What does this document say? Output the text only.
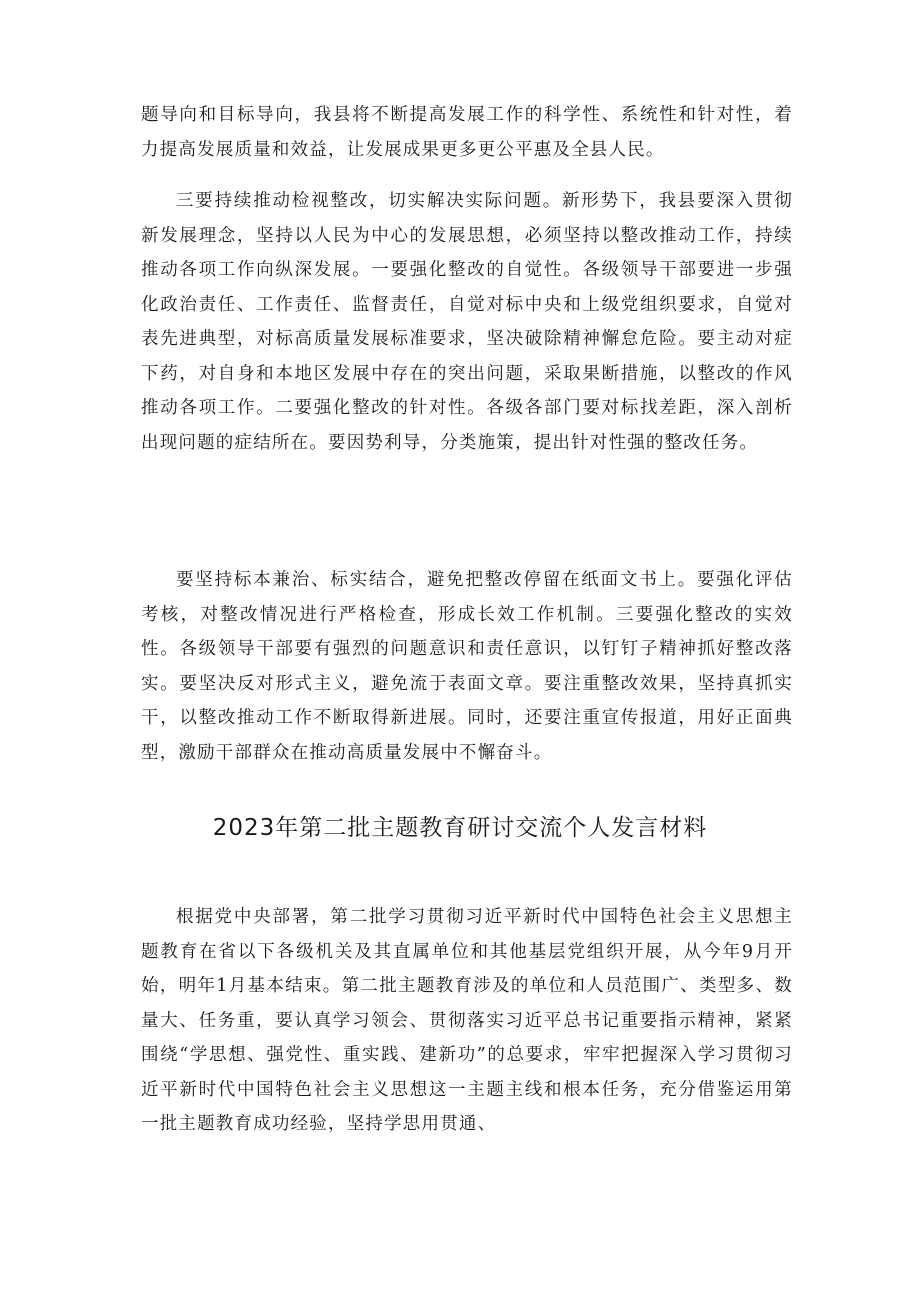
题导向和目标导向，我县将不断提高发展工作的科学性、系统性和针对性，着力提高发展质量和效益，让发展成果更多更公平惠及全县人民。

三要持续推动检视整改，切实解决实际问题。新形势下，我县要深入贯彻新发展理念，坚持以人民为中心的发展思想，必须坚持以整改推动工作，持续推动各项工作向纵深发展。一要强化整改的自觉性。各级领导干部要进一步强化政治责任、工作责任、监督责任，自觉对标中央和上级党组织要求，自觉对表先进典型，对标高质量发展标准要求，坚决破除精神懈怠危险。要主动对症下药，对自身和本地区发展中存在的突出问题，采取果断措施，以整改的作风推动各项工作。二要强化整改的针对性。各级各部门要对标找差距，深入剖析出现问题的症结所在。要因势利导，分类施策，提出针对性强的整改任务。

要坚持标本兼治、标实结合，避免把整改停留在纸面文书上。要强化评估考核，对整改情况进行严格检查，形成长效工作机制。三要强化整改的实效性。各级领导干部要有强烈的问题意识和责任意识，以钉钉子精神抓好整改落实。要坚决反对形式主义，避免流于表面文章。要注重整改效果，坚持真抓实干，以整改推动工作不断取得新进展。同时，还要注重宣传报道，用好正面典型，激励干部群众在推动高质量发展中不懈奋斗。

2023年第二批主题教育研讨交流个人发言材料

根据党中央部署，第二批学习贯彻习近平新时代中国特色社会主义思想主题教育在省以下各级机关及其直属单位和其他基层党组织开展，从今年9月开始，明年1月基本结束。第二批主题教育涉及的单位和人员范围广、类型多、数量大、任务重，要认真学习领会、贯彻落实习近平总书记重要指示精神，紧紧围绕“学思想、强党性、重实践、建新功”的总要求，牢牢把握深入学习贯彻习近平新时代中国特色社会主义思想这一主题主线和根本任务，充分借鉴运用第一批主题教育成功经验，坚持学思用贯通、
